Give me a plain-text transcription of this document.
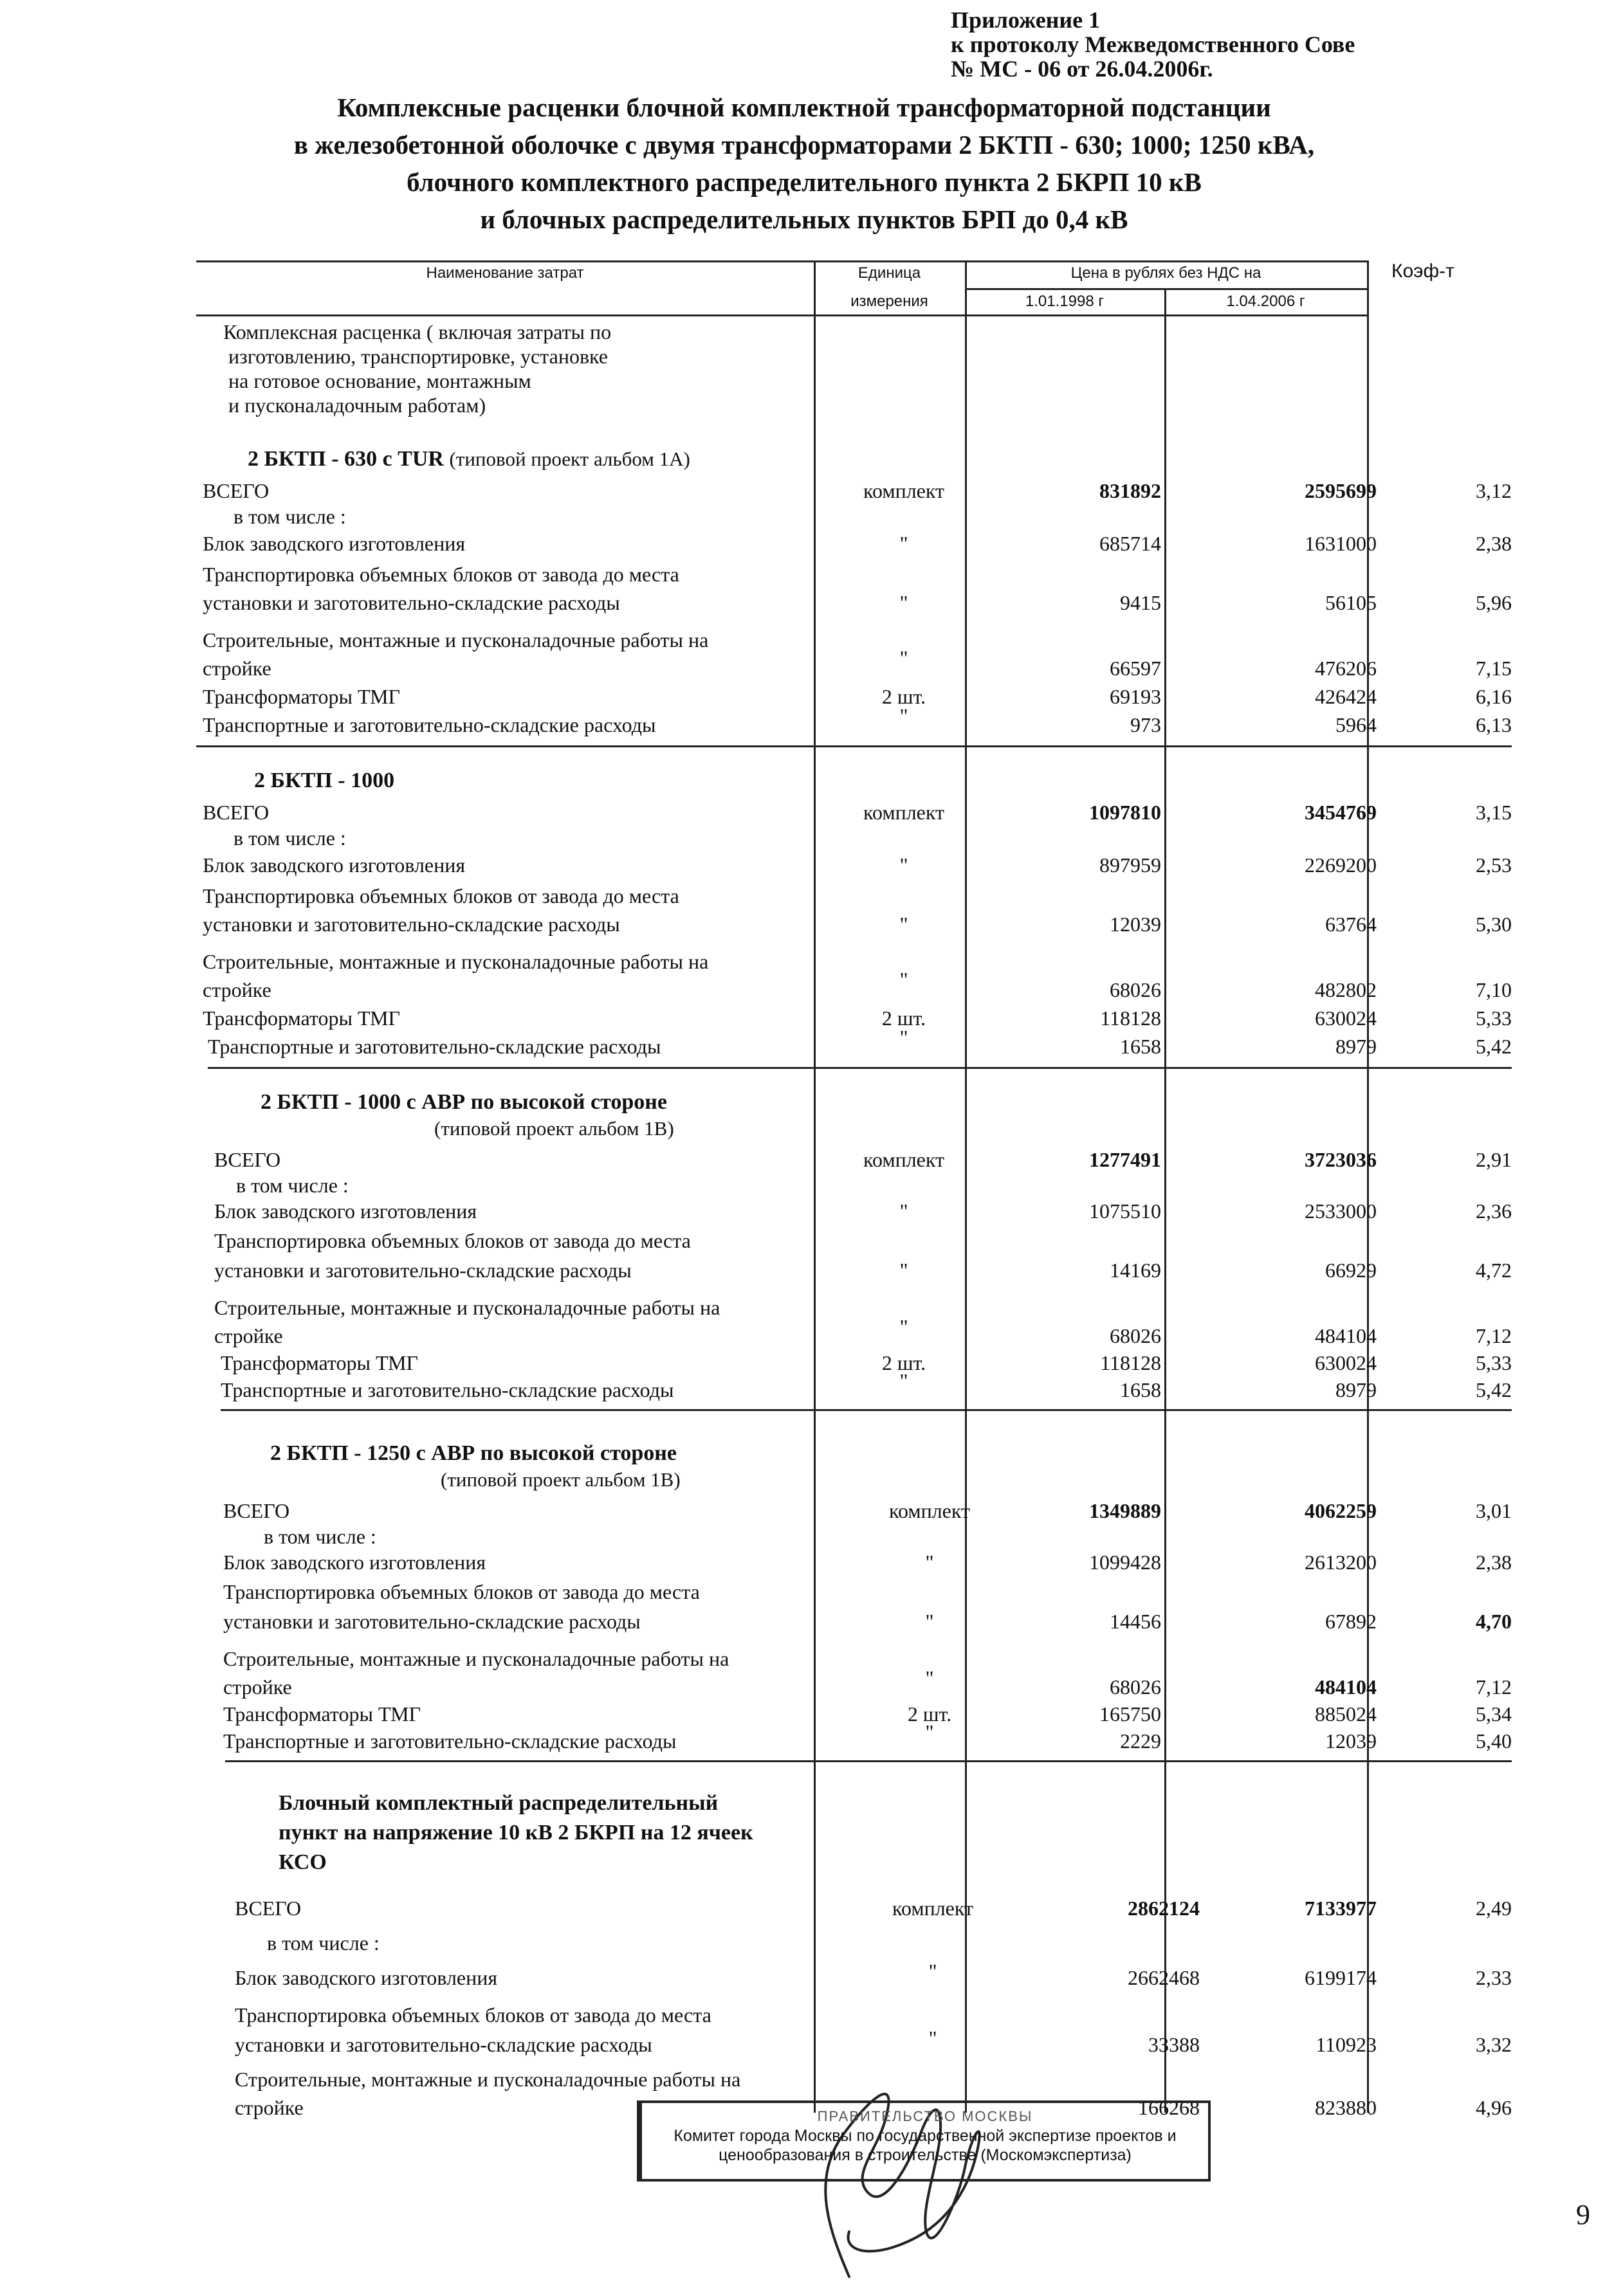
Приложение 1
к протоколу Межведомственного Сове
№ МС - 06 от 26.04.2006г.
Комплексные расценки блочной комплектной трансформаторной подстанции
в железобетонной оболочке с двумя трансформаторами 2 БКТП - 630; 1000; 1250 кВА,
блочного комплектного распределительного пункта 2 БКРП 10 кВ
и блочных распределительных пунктов БРП до 0,4 кВ
Наименование затрат	Единица
измерения
Цена в рублях без НДС на
1.01.1998 г	1.04.2006 г
Коэф-т
Комплексная расценка ( включая затраты по
изготовлению, транспортировке, установке
на готовое основание, монтажным
и пусконаладочным работам)
2 БКТП - 630 с TUR (типовой проект альбом 1А)
ВСЕГО	комплект	831892	2595699	3,12
в том числе :
Блок заводского изготовления	"	685714	1631000	2,38
Транспортировка объемных блоков от завода до места
установки и заготовительно-складские расходы	"	9415	56105	5,96
Строительные, монтажные и пусконаладочные работы на
стройке	"	66597	476206	7,15
Трансформаторы ТМГ	2 шт.	69193	426424	6,16
Транспортные и заготовительно-складские расходы	"	973	5964	6,13
2 БКТП - 1000
ВСЕГО	комплект	1097810	3454769	3,15
в том числе :
Блок заводского изготовления	"	897959	2269200	2,53
Транспортировка объемных блоков от завода до места
установки и заготовительно-складские расходы	"	12039	63764	5,30
Строительные, монтажные и пусконаладочные работы на
стройке	"	68026	482802	7,10
Трансформаторы ТМГ	2 шт.	118128	630024	5,33
Транспортные и заготовительно-складские расходы	"	1658	8979	5,42
2 БКТП - 1000 с АВР по высокой стороне
(типовой проект альбом 1В)
ВСЕГО	комплект	1277491	3723036	2,91
в том числе :
Блок заводского изготовления	"	1075510	2533000	2,36
Транспортировка объемных блоков от завода до места
установки и заготовительно-складские расходы	"	14169	66929	4,72
Строительные, монтажные и пусконаладочные работы на
стройке	"	68026	484104	7,12
Трансформаторы ТМГ	2 шт.	118128	630024	5,33
Транспортные и заготовительно-складские расходы	"	1658	8979	5,42
2 БКТП - 1250 с АВР по высокой стороне
(типовой проект альбом 1В)
ВСЕГО	комплект	1349889	4062259	3,01
в том числе :
Блок заводского изготовления	"	1099428	2613200	2,38
Транспортировка объемных блоков от завода до места
установки и заготовительно-складские расходы	"	14456	67892	4,70
Строительные, монтажные и пусконаладочные работы на
стройке	"	68026	484104	7,12
Трансформаторы ТМГ	2 шт.	165750	885024	5,34
Транспортные и заготовительно-складские расходы	"	2229	12039	5,40
Блочный комплектный распределительный
пункт на напряжение 10 кВ 2 БКРП на 12 ячеек
КСО
ВСЕГО	комплект	2862124	7133977	2,49
в том числе :
Блок заводского изготовления	"	2662468	6199174	2,33
Транспортировка объемных блоков от завода до места
установки и заготовительно-складские расходы	"	33388	110923	3,32
Строительные, монтажные и пусконаладочные работы на
стройке	166268	823880	4,96
ПРАВИТЕЛЬСТВО МОСКВЫ
Комитет города Москвы по государственной экспертизе проектов и
ценообразования в строительстве (Москомэкспертиза)
9
